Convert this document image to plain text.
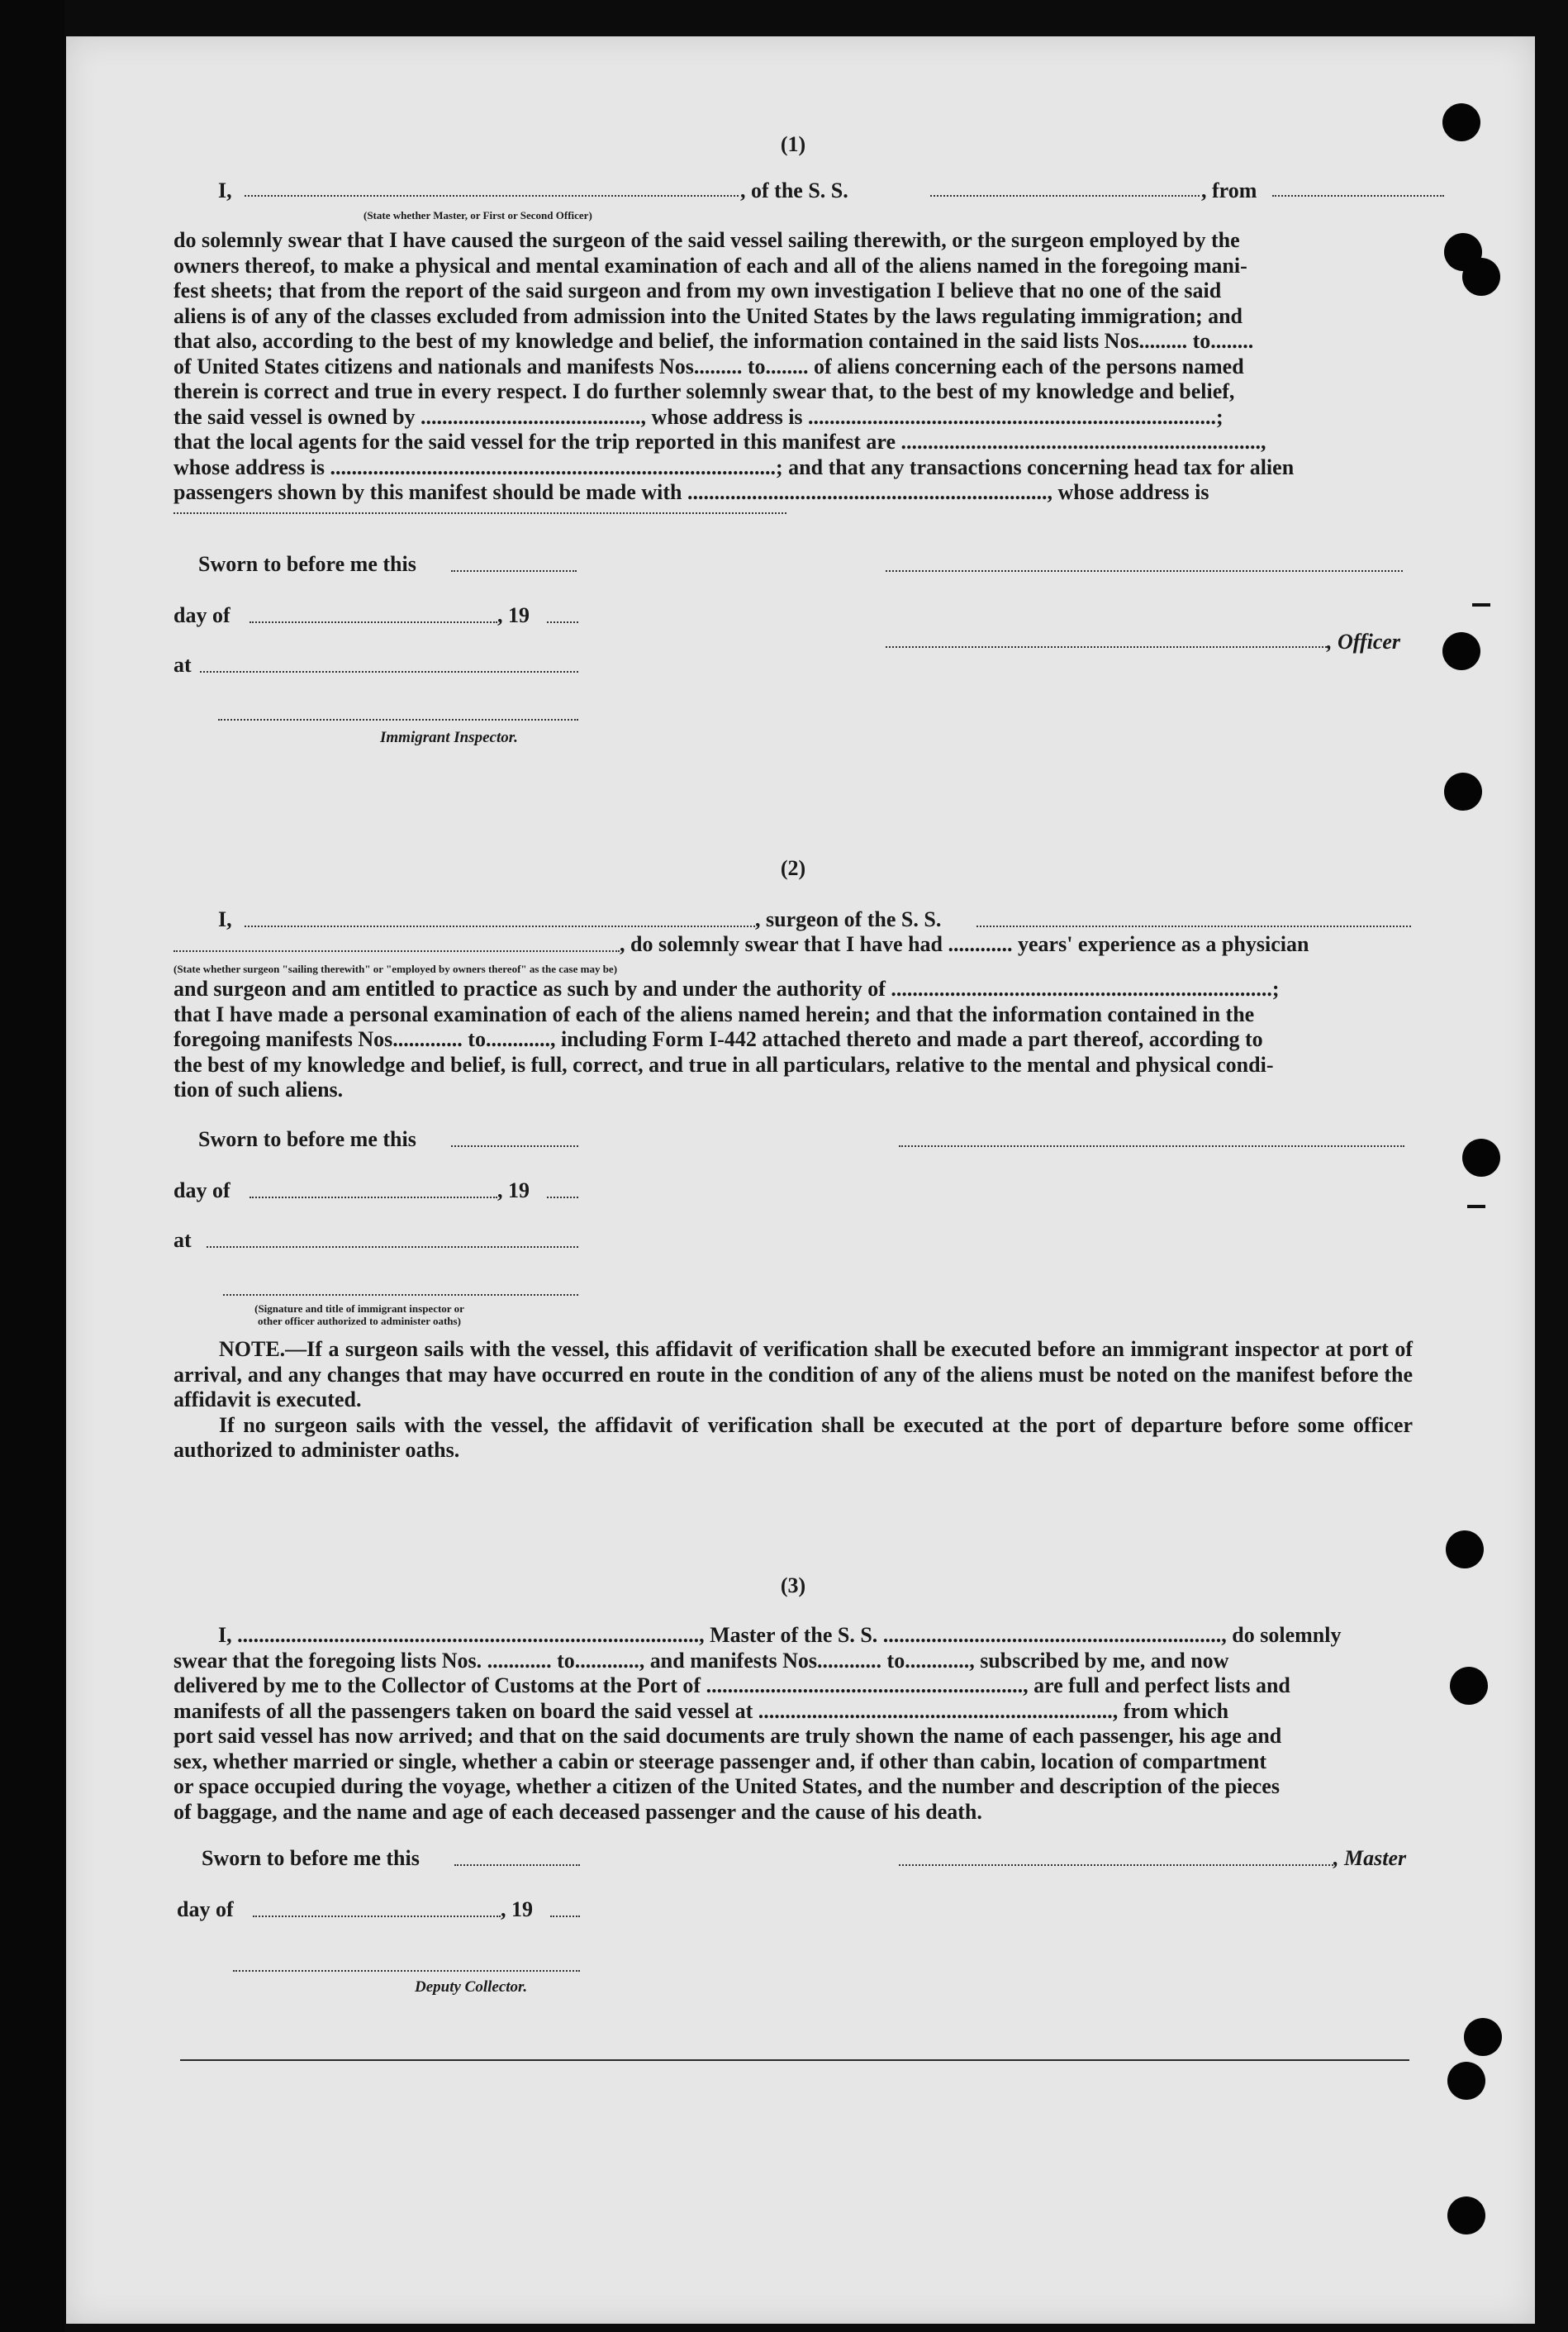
(1)
I,	, of the S. S.	, from
(State whether Master, or First or Second Officer)
do solemnly swear that I have caused the surgeon of the said vessel sailing therewith, or the surgeon employed by the
owners thereof, to make a physical and mental examination of each and all of the aliens named in the foregoing mani-
fest sheets; that from the report of the said surgeon and from my own investigation I believe that no one of the said
aliens is of any of the classes excluded from admission into the United States by the laws regulating immigration; and
that also, according to the best of my knowledge and belief, the information contained in the said lists Nos......... to........
of United States citizens and nationals and manifests Nos......... to........ of aliens concerning each of the persons named
therein is correct and true in every respect. I do further solemnly swear that, to the best of my knowledge and belief,
the said vessel is owned by ........................................., whose address is ............................................................................;
that the local agents for the said vessel for the trip reported in this manifest are ...................................................................,
whose address is ...................................................................................; and that any transactions concerning head tax for alien
passengers shown by this manifest should be made with ..................................................................., whose address is
Sworn to before me this
day of	, 19
, Officer
at
Immigrant Inspector.
(2)
I,	, surgeon of the S. S.
, do solemnly swear that I have had ............ years' experience as a physician
(State whether surgeon "sailing therewith" or "employed by owners thereof" as the case may be)
and surgeon and am entitled to practice as such by and under the authority of .......................................................................;
that I have made a personal examination of each of the aliens named herein; and that the information contained in the
foregoing manifests Nos............. to............, including Form I-442 attached thereto and made a part thereof, according to
the best of my knowledge and belief, is full, correct, and true in all particulars, relative to the mental and physical condi-
tion of such aliens.
Sworn to before me this
day of	, 19
at
(Signature and title of immigrant inspector or
other officer authorized to administer oaths)
NOTE.—If a surgeon sails with the vessel, this affidavit of verification shall be executed before an immigrant inspector at port of arrival, and any changes that may have occurred en route in the condition of any of the aliens must be noted on the manifest before the affidavit is executed.
If no surgeon sails with the vessel, the affidavit of verification shall be executed at the port of departure before some officer authorized to administer oaths.
(3)
I, ......................................................................................, Master of the S. S. ..............................................................., do solemnly
swear that the foregoing lists Nos. ............ to............, and manifests Nos............ to............, subscribed by me, and now
delivered by me to the Collector of Customs at the Port of ..........................................................., are full and perfect lists and
manifests of all the passengers taken on board the said vessel at .................................................................., from which
port said vessel has now arrived; and that on the said documents are truly shown the name of each passenger, his age and
sex, whether married or single, whether a cabin or steerage passenger and, if other than cabin, location of compartment
or space occupied during the voyage, whether a citizen of the United States, and the number and description of the pieces
of baggage, and the name and age of each deceased passenger and the cause of his death.
Sworn to before me this	, Master
day of	, 19
Deputy Collector.
